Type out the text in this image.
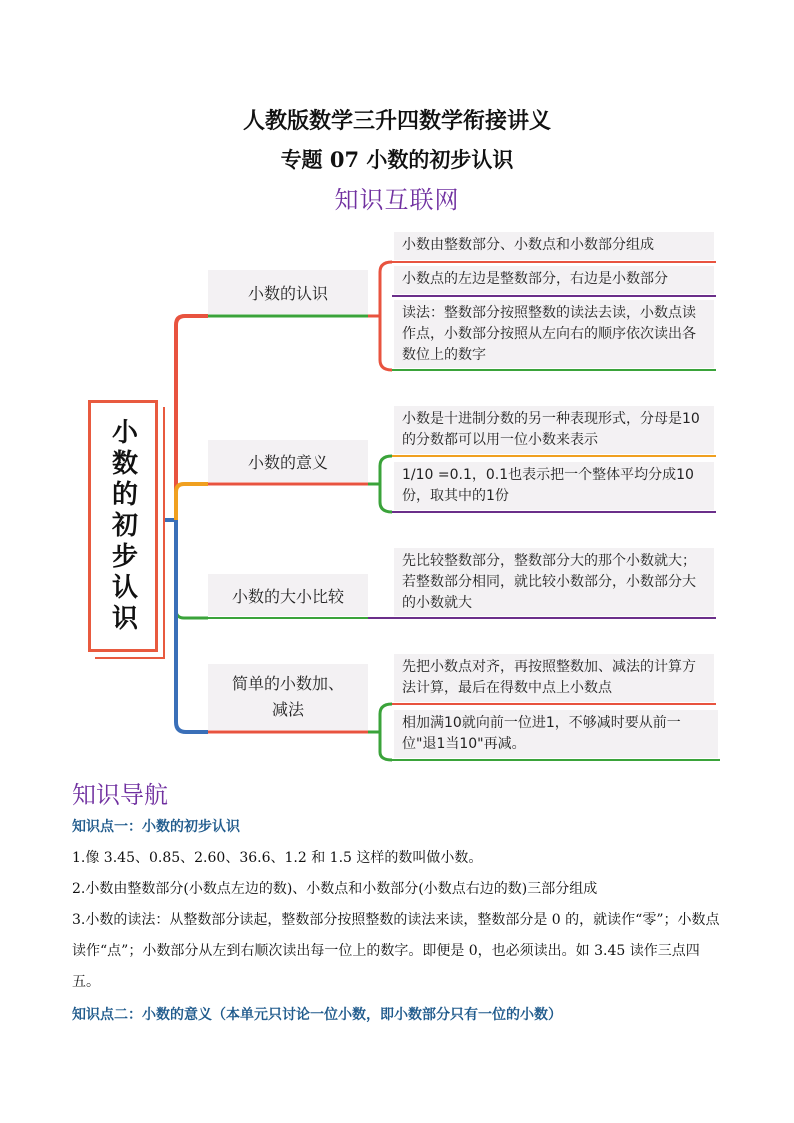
人教版数学三升四数学衔接讲义
专题 07 小数的初步认识
知识互联网
小数的初步认识
小数的认识
小数的意义
小数的大小比较
简单的小数加、减法
小数由整数部分、小数点和小数部分组成
小数点的左边是整数部分，右边是小数部分
读法：整数部分按照整数的读法去读，小数点读作点，小数部分按照从左向右的顺序依次读出各数位上的数字
小数是十进制分数的另一种表现形式，分母是10的分数都可以用一位小数来表示
1/10 =0.1，0.1也表示把一个整体平均分成10份，取其中的1份
先比较整数部分，整数部分大的那个小数就大；若整数部分相同，就比较小数部分，小数部分大的小数就大
先把小数点对齐，再按照整数加、减法的计算方法计算，最后在得数中点上小数点
相加满10就向前一位进1，不够减时要从前一位"退1当10"再减。
知识导航
知识点一：小数的初步认识
1.像 3.45、0.85、2.60、36.6、1.2 和 1.5 这样的数叫做小数。
2.小数由整数部分(小数点左边的数)、小数点和小数部分(小数点右边的数)三部分组成
3.小数的读法：从整数部分读起，整数部分按照整数的读法来读，整数部分是 0 的，就读作“零”；小数点读作“点”；小数部分从左到右顺次读出每一位上的数字。即便是 0，也必须读出。如 3.45 读作三点四五。
知识点二：小数的意义（本单元只讨论一位小数，即小数部分只有一位的小数）
